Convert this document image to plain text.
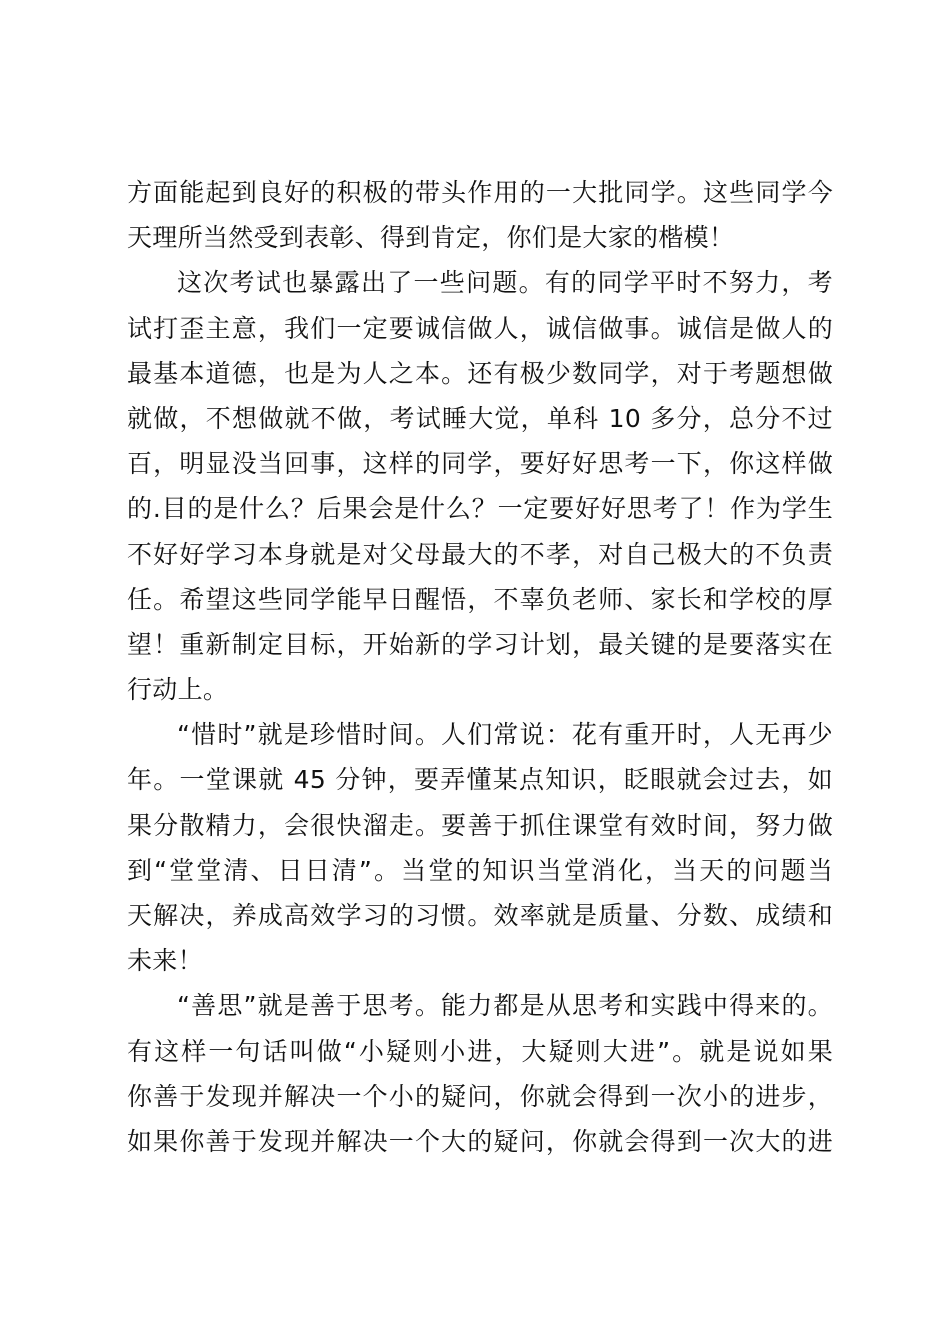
方面能起到良好的积极的带头作用的一大批同学。这些同学今
天理所当然受到表彰、得到肯定，你们是大家的楷模！
这次考试也暴露出了一些问题。有的同学平时不努力，考
试打歪主意，我们一定要诚信做人，诚信做事。诚信是做人的
最基本道德，也是为人之本。还有极少数同学，对于考题想做
就做，不想做就不做，考试睡大觉，单科 10 多分，总分不过
百，明显没当回事，这样的同学，要好好思考一下，你这样做
的.目的是什么？后果会是什么？一定要好好思考了！作为学生
不好好学习本身就是对父母最大的不孝，对自己极大的不负责
任。希望这些同学能早日醒悟，不辜负老师、家长和学校的厚
望！重新制定目标，开始新的学习计划，最关键的是要落实在
行动上。
“惜时”就是珍惜时间。人们常说：花有重开时，人无再少
年。一堂课就 45 分钟，要弄懂某点知识，眨眼就会过去，如
果分散精力，会很快溜走。要善于抓住课堂有效时间，努力做
到“堂堂清、日日清”。当堂的知识当堂消化，当天的问题当
天解决，养成高效学习的习惯。效率就是质量、分数、成绩和
未来！
“善思”就是善于思考。能力都是从思考和实践中得来的。
有这样一句话叫做“小疑则小进，大疑则大进”。就是说如果
你善于发现并解决一个小的疑问，你就会得到一次小的进步，
如果你善于发现并解决一个大的疑问，你就会得到一次大的进
